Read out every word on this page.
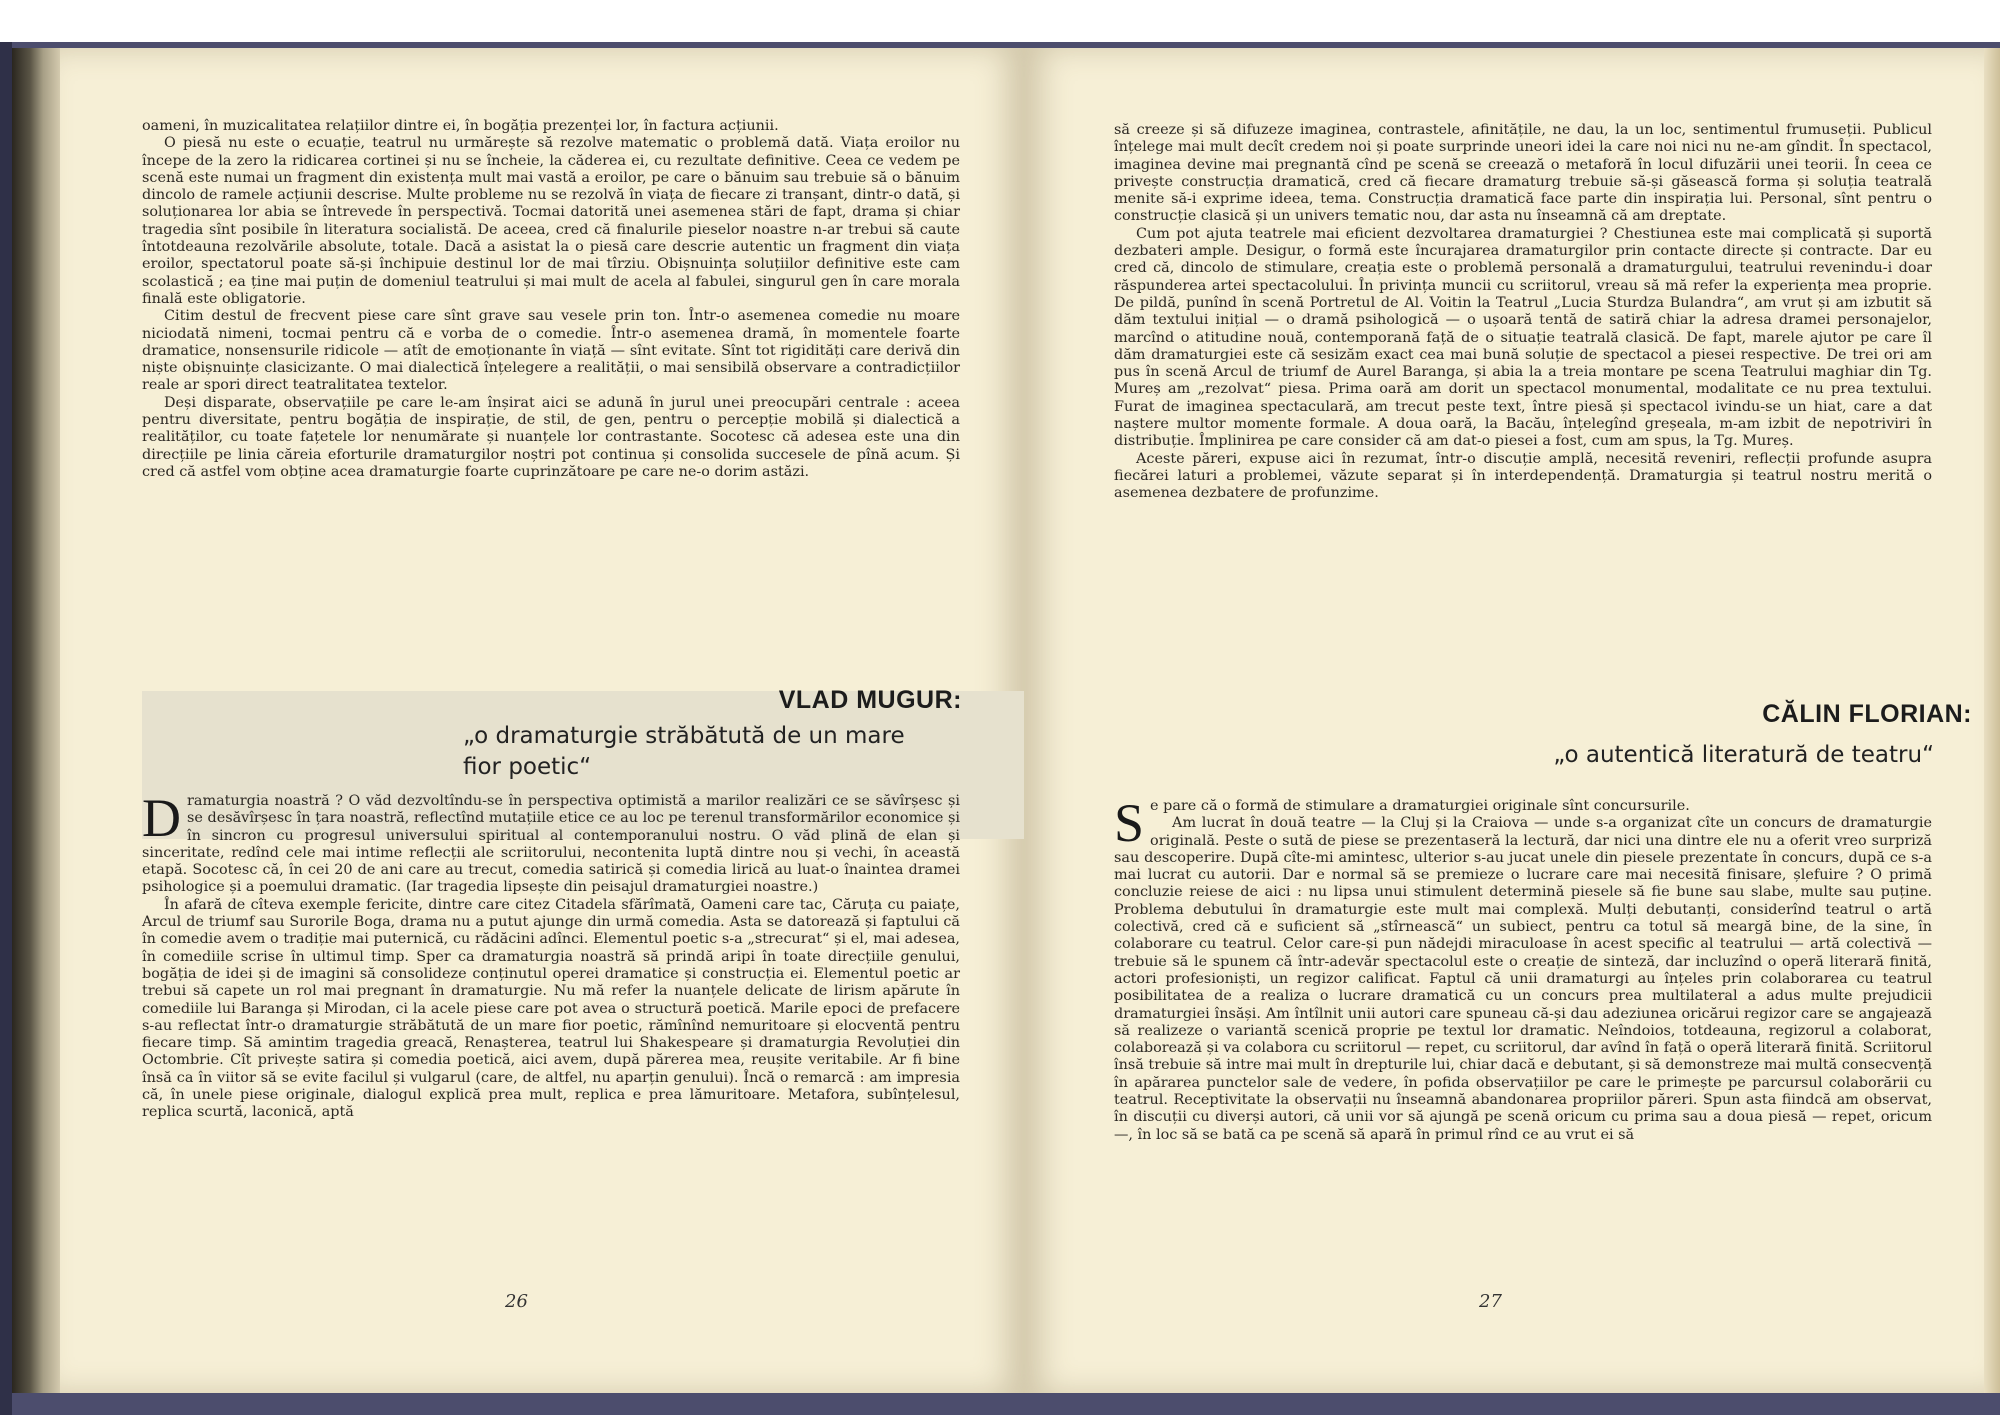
oameni, în muzicalitatea relațiilor dintre ei, în bogăția prezenței lor, în factura acțiunii.

O piesă nu este o ecuație, teatrul nu urmărește să rezolve matematic o problemă dată. Viața eroilor nu începe de la zero la ridicarea cortinei și nu se încheie, la căderea ei, cu rezultate definitive. Ceea ce vedem pe scenă este numai un fragment din existența mult mai vastă a eroilor, pe care o bănuim sau trebuie să o bănuim dincolo de ramele acțiunii descrise. Multe probleme nu se rezolvă în viața de fiecare zi tranșant, dintr-o dată, și soluționarea lor abia se întrevede în perspectivă. Tocmai datorită unei asemenea stări de fapt, drama și chiar tragedia sînt posibile în literatura socialistă. De aceea, cred că finalurile pieselor noastre n-ar trebui să caute întotdeauna rezolvările absolute, totale. Dacă a asistat la o piesă care descrie autentic un fragment din viața eroilor, spectatorul poate să-și închipuie destinul lor de mai tîrziu. Obișnuința soluțiilor definitive este cam scolastică ; ea ține mai puțin de domeniul teatrului și mai mult de acela al fabulei, singurul gen în care morala finală este obligatorie.

Citim destul de frecvent piese care sînt grave sau vesele prin ton. Într-o asemenea comedie nu moare niciodată nimeni, tocmai pentru că e vorba de o comedie. Într-o asemenea dramă, în momentele foarte dramatice, nonsensurile ridicole — atît de emoționante în viață — sînt evitate. Sînt tot rigidități care derivă din niște obișnuințe clasicizante. O mai dialectică înțelegere a realității, o mai sensibilă observare a contradicțiilor reale ar spori direct teatralitatea textelor.

Deși disparate, observațiile pe care le-am înșirat aici se adună în jurul unei preocupări centrale : aceea pentru diversitate, pentru bogăția de inspirație, de stil, de gen, pentru o percepție mobilă și dialectică a realităților, cu toate fațetele lor nenumărate și nuanțele lor contrastante. Socotesc că adesea este una din direcțiile pe linia căreia eforturile dramaturgilor noștri pot continua și consolida succesele de pînă acum. Și cred că astfel vom obține acea dramaturgie foarte cuprinzătoare pe care ne-o dorim astăzi.

VLAD MUGUR:
„o dramaturgie străbătută de un mare fior poetic“
D ramaturgia noastră ? O văd dezvoltîndu-se în perspectiva optimistă a marilor realizări ce se săvîrșesc și se desăvîrșesc în țara noastră, reflectînd mutațiile etice ce au loc pe terenul transformărilor economice și în sincron cu progresul universului spiritual al contemporanului nostru. O văd plină de elan și sinceritate, redînd cele mai intime reflecții ale scriitorului, necontenita luptă dintre nou și vechi, în această etapă. Socotesc că, în cei 20 de ani care au trecut, comedia satirică și comedia lirică au luat-o înaintea dramei psihologice și a poemului dramatic. (Iar tragedia lipsește din peisajul dramaturgiei noastre.)

În afară de cîteva exemple fericite, dintre care citez Citadela sfărîmată, Oameni care tac, Căruța cu paiațe, Arcul de triumf sau Surorile Boga, drama nu a putut ajunge din urmă comedia. Asta se datorează și faptului că în comedie avem o tradiție mai puternică, cu rădăcini adînci. Elementul poetic s-a „strecurat“ și el, mai adesea, în comediile scrise în ultimul timp. Sper ca dramaturgia noastră să prindă aripi în toate direcțiile genului, bogăția de idei și de imagini să consolideze conținutul operei dramatice și construcția ei. Elementul poetic ar trebui să capete un rol mai pregnant în dramaturgie. Nu mă refer la nuanțele delicate de lirism apărute în comediile lui Baranga și Mirodan, ci la acele piese care pot avea o structură poetică. Marile epoci de prefacere s-au reflectat într-o dramaturgie străbătută de un mare fior poetic, rămînînd nemuritoare și elocventă pentru fiecare timp. Să amintim tragedia greacă, Renașterea, teatrul lui Shakespeare și dramaturgia Revoluției din Octombrie. Cît privește satira și comedia poetică, aici avem, după părerea mea, reușite veritabile. Ar fi bine însă ca în viitor să se evite facilul și vulgarul (care, de altfel, nu aparțin genului). Încă o remarcă : am impresia că, în unele piese originale, dialogul explică prea mult, replica e prea lămuritoare. Metafora, subînțelesul, replica scurtă, laconică, aptă

26

să creeze și să difuzeze imaginea, contrastele, afinitățile, ne dau, la un loc, sentimentul frumuseții. Publicul înțelege mai mult decît credem noi și poate surprinde uneori idei la care noi nici nu ne-am gîndit. În spectacol, imaginea devine mai pregnantă cînd pe scenă se creează o metaforă în locul difuzării unei teorii. În ceea ce privește construcția dramatică, cred că fiecare dramaturg trebuie să-și găsească forma și soluția teatrală menite să-i exprime ideea, tema. Construcția dramatică face parte din inspirația lui. Personal, sînt pentru o construcție clasică și un univers tematic nou, dar asta nu înseamnă că am dreptate.

Cum pot ajuta teatrele mai eficient dezvoltarea dramaturgiei ? Chestiunea este mai complicată și suportă dezbateri ample. Desigur, o formă este încurajarea dramaturgilor prin contacte directe și contracte. Dar eu cred că, dincolo de stimulare, creația este o problemă personală a dramaturgului, teatrului revenindu-i doar răspunderea artei spectacolului. În privința muncii cu scriitorul, vreau să mă refer la experiența mea proprie. De pildă, punînd în scenă Portretul de Al. Voitin la Teatrul „Lucia Sturdza Bulandra“, am vrut și am izbutit să dăm textului inițial — o dramă psihologică — o ușoară tentă de satiră chiar la adresa dramei personajelor, marcînd o atitudine nouă, contemporană față de o situație teatrală clasică. De fapt, marele ajutor pe care îl dăm dramaturgiei este că sesizăm exact cea mai bună soluție de spectacol a piesei respective. De trei ori am pus în scenă Arcul de triumf de Aurel Baranga, și abia la a treia montare pe scena Teatrului maghiar din Tg. Mureș am „rezolvat“ piesa. Prima oară am dorit un spectacol monumental, modalitate ce nu prea textului. Furat de imaginea spectaculară, am trecut peste text, între piesă și spectacol ivindu-se un hiat, care a dat naștere multor momente formale. A doua oară, la Bacău, înțelegînd greșeala, m-am izbit de nepotriviri în distribuție. Împlinirea pe care consider că am dat-o piesei a fost, cum am spus, la Tg. Mureș.

Aceste păreri, expuse aici în rezumat, într-o discuție amplă, necesită reveniri, reflecții profunde asupra fiecărei laturi a problemei, văzute separat și în interdependență. Dramaturgia și teatrul nostru merită o asemenea dezbatere de profunzime.

CĂLIN FLORIAN:
„o autentică literatură de teatru“
S e pare că o formă de stimulare a dramaturgiei originale sînt concursurile.

Am lucrat în două teatre — la Cluj și la Craiova — unde s-a organizat cîte un concurs de dramaturgie originală. Peste o sută de piese se prezentaseră la lectură, dar nici una dintre ele nu a oferit vreo surpriză sau descoperire. După cîte-mi amintesc, ulterior s-au jucat unele din piesele prezentate în concurs, după ce s-a mai lucrat cu autorii. Dar e normal să se premieze o lucrare care mai necesită finisare, șlefuire ? O primă concluzie reiese de aici : nu lipsa unui stimulent determină piesele să fie bune sau slabe, multe sau puține. Problema debutului în dramaturgie este mult mai complexă. Mulți debutanți, considerînd teatrul o artă colectivă, cred că e suficient să „stîrnească“ un subiect, pentru ca totul să meargă bine, de la sine, în colaborare cu teatrul. Celor care-și pun nădejdi miraculoase în acest specific al teatrului — artă colectivă — trebuie să le spunem că într-adevăr spectacolul este o creație de sinteză, dar incluzînd o operă literară finită, actori profesioniști, un regizor calificat. Faptul că unii dramaturgi au înțeles prin colaborarea cu teatrul posibilitatea de a realiza o lucrare dramatică cu un concurs prea multilateral a adus multe prejudicii dramaturgiei însăși. Am întîlnit unii autori care spuneau că-și dau adeziunea oricărui regizor care se angajează să realizeze o variantă scenică proprie pe textul lor dramatic. Neîndoios, totdeauna, regizorul a colaborat, colaborează și va colabora cu scriitorul — repet, cu scriitorul, dar avînd în față o operă literară finită. Scriitorul însă trebuie să intre mai mult în drepturile lui, chiar dacă e debutant, și să demonstreze mai multă consecvență în apărarea punctelor sale de vedere, în pofida observațiilor pe care le primește pe parcursul colaborării cu teatrul. Receptivitate la observații nu înseamnă abandonarea propriilor păreri. Spun asta fiindcă am observat, în discuții cu diverși autori, că unii vor să ajungă pe scenă oricum cu prima sau a doua piesă — repet, oricum —, în loc să se bată ca pe scenă să apară în primul rînd ce au vrut ei să

27
